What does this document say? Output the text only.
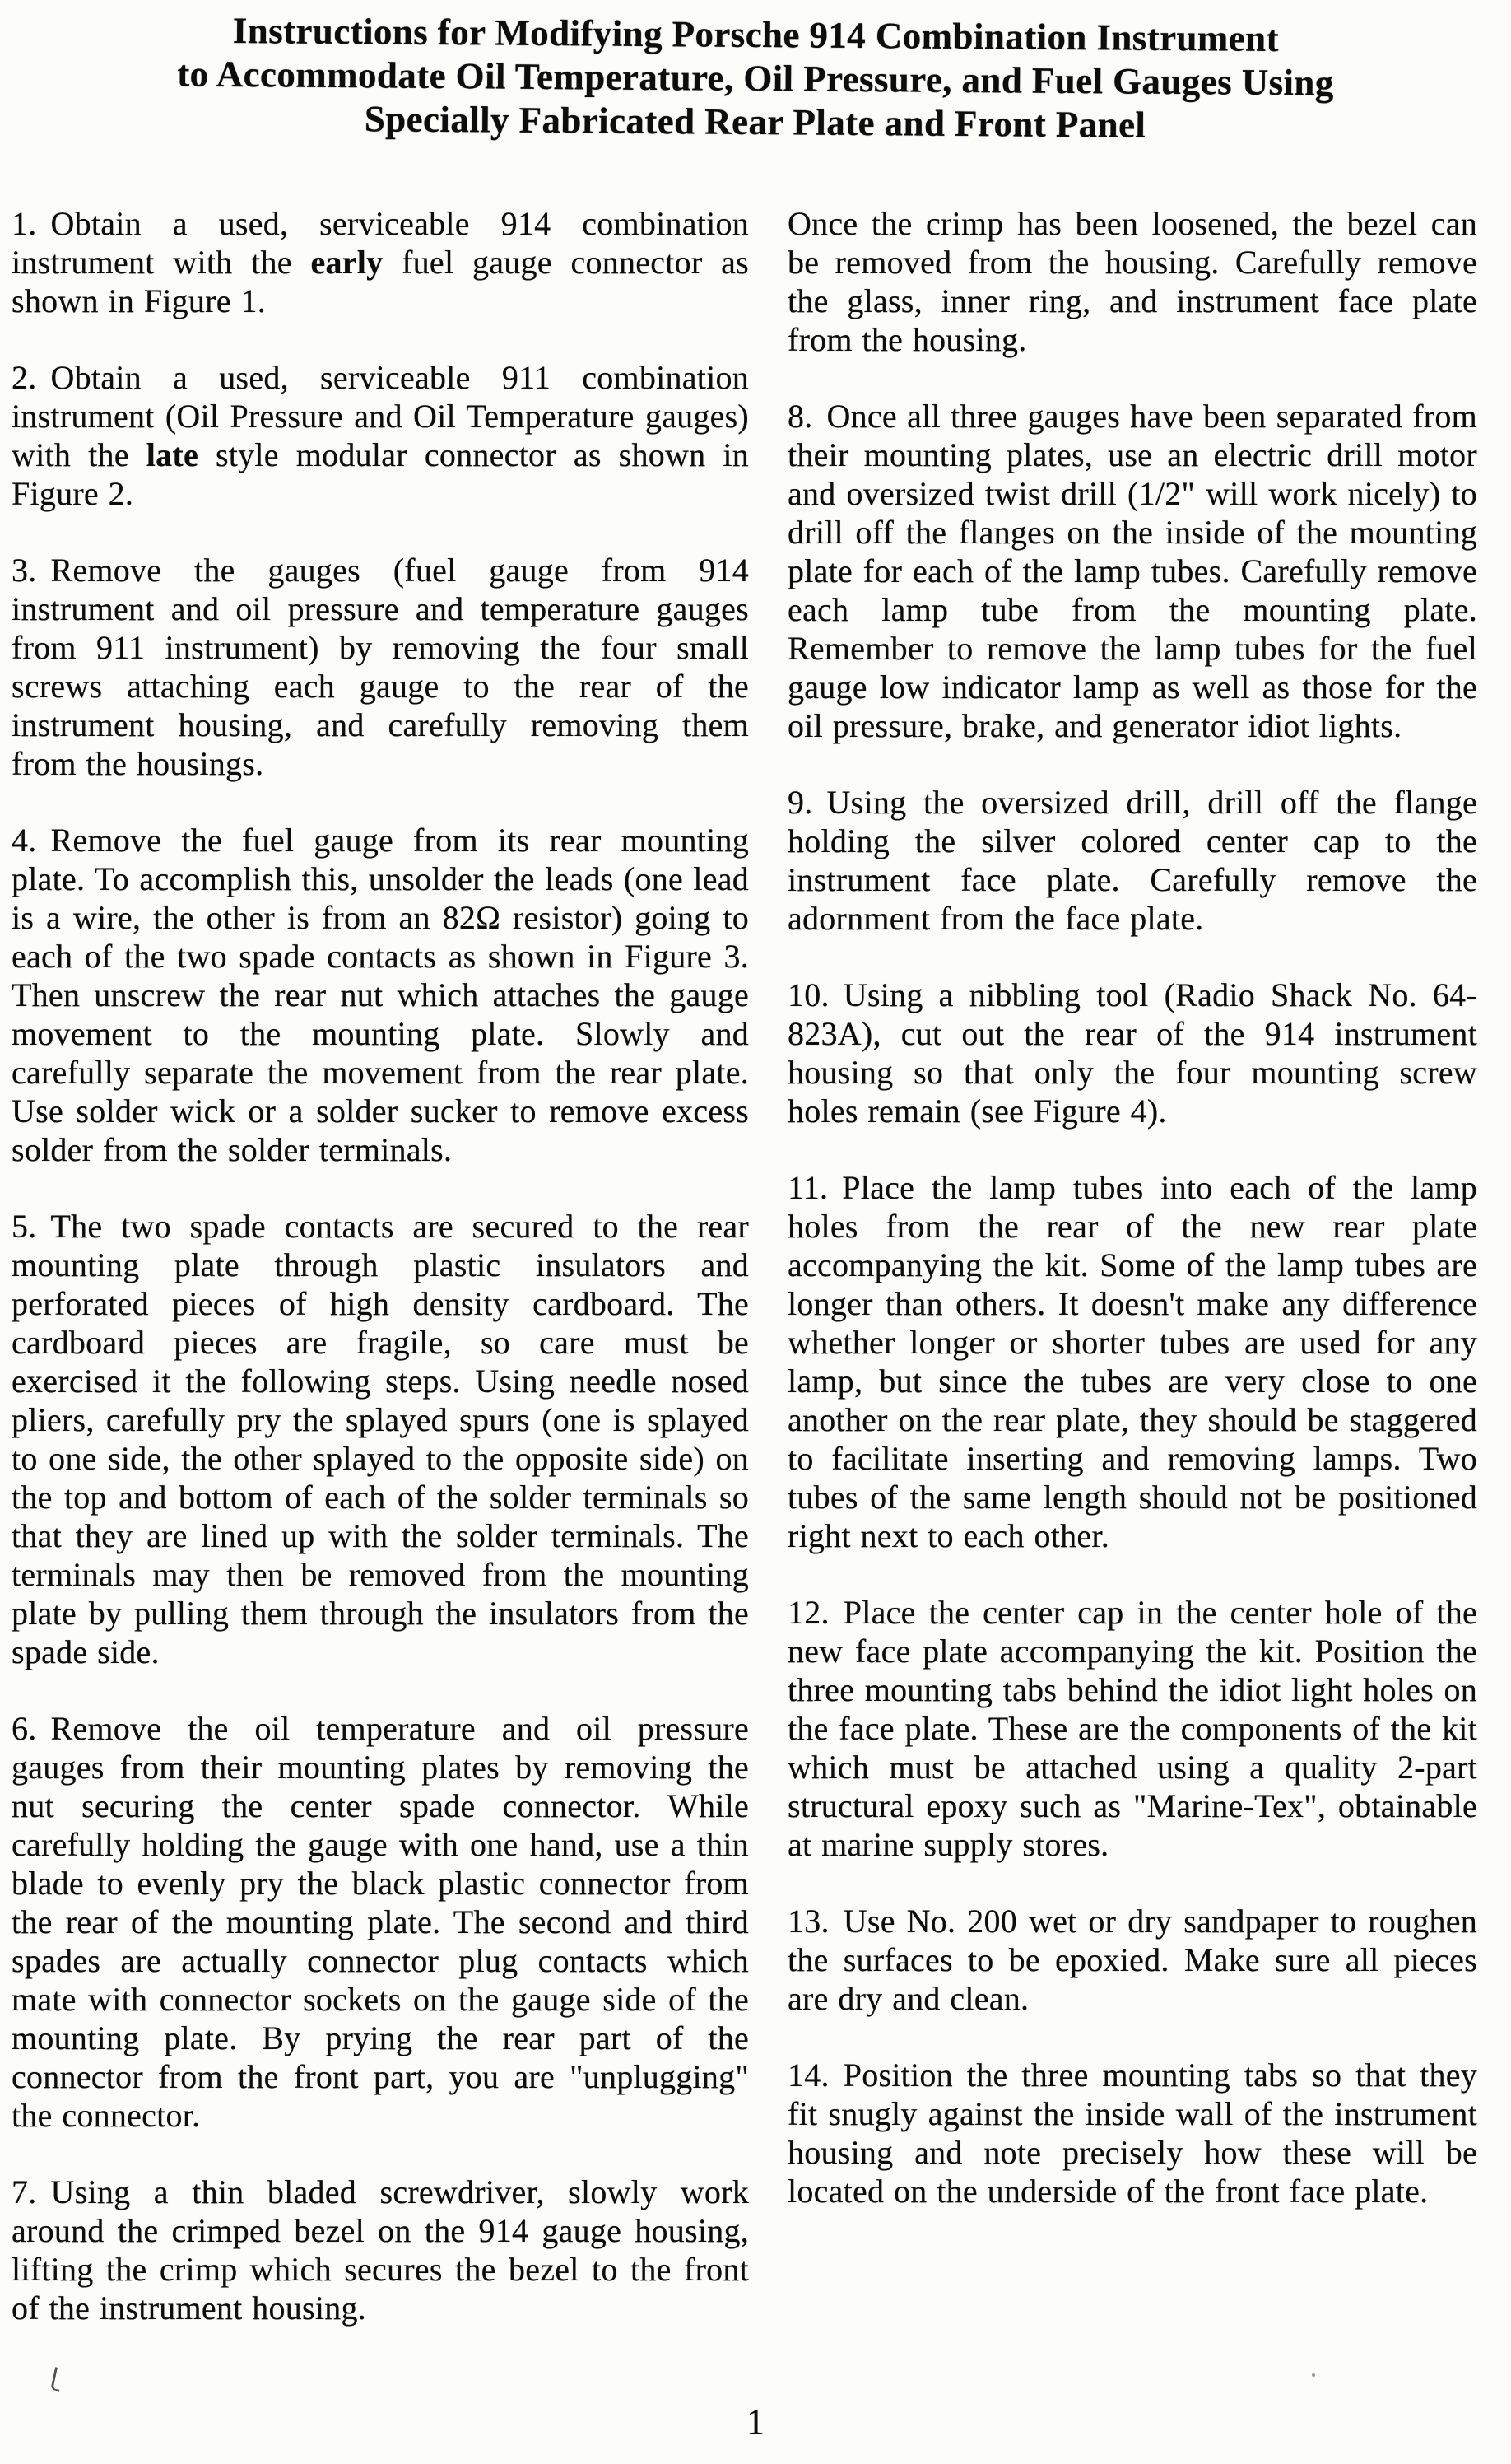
Instructions for Modifying Porsche 914 Combination Instrument
to Accommodate Oil Temperature, Oil Pressure, and Fuel Gauges Using
Specially Fabricated Rear Plate and Front Panel

1. Obtain a used, serviceable 914 combination instrument with the early fuel gauge connector as shown in Figure 1.

2. Obtain a used, serviceable 911 combination instrument (Oil Pressure and Oil Temperature gauges) with the late style modular connector as shown in Figure 2.

3. Remove the gauges (fuel gauge from 914 instrument and oil pressure and temperature gauges from 911 instrument) by removing the four small screws attaching each gauge to the rear of the instrument housing, and carefully removing them from the housings.

4. Remove the fuel gauge from its rear mounting plate. To accomplish this, unsolder the leads (one lead is a wire, the other is from an 82Ω resistor) going to each of the two spade contacts as shown in Figure 3. Then unscrew the rear nut which attaches the gauge movement to the mounting plate. Slowly and carefully separate the movement from the rear plate. Use solder wick or a solder sucker to remove excess solder from the solder terminals.

5. The two spade contacts are secured to the rear mounting plate through plastic insulators and perforated pieces of high density cardboard. The cardboard pieces are fragile, so care must be exercised it the following steps. Using needle nosed pliers, carefully pry the splayed spurs (one is splayed to one side, the other splayed to the opposite side) on the top and bottom of each of the solder terminals so that they are lined up with the solder terminals. The terminals may then be removed from the mounting plate by pulling them through the insulators from the spade side.

6. Remove the oil temperature and oil pressure gauges from their mounting plates by removing the nut securing the center spade connector. While carefully holding the gauge with one hand, use a thin blade to evenly pry the black plastic connector from the rear of the mounting plate. The second and third spades are actually connector plug contacts which mate with connector sockets on the gauge side of the mounting plate. By prying the rear part of the connector from the front part, you are "unplugging" the connector.

7. Using a thin bladed screwdriver, slowly work around the crimped bezel on the 914 gauge housing, lifting the crimp which secures the bezel to the front of the instrument housing.

Once the crimp has been loosened, the bezel can be removed from the housing. Carefully remove the glass, inner ring, and instrument face plate from the housing.

8. Once all three gauges have been separated from their mounting plates, use an electric drill motor and oversized twist drill (1/2" will work nicely) to drill off the flanges on the inside of the mounting plate for each of the lamp tubes. Carefully remove each lamp tube from the mounting plate. Remember to remove the lamp tubes for the fuel gauge low indicator lamp as well as those for the oil pressure, brake, and generator idiot lights.

9. Using the oversized drill, drill off the flange holding the silver colored center cap to the instrument face plate. Carefully remove the adornment from the face plate.

10. Using a nibbling tool (Radio Shack No. 64-823A), cut out the rear of the 914 instrument housing so that only the four mounting screw holes remain (see Figure 4).

11. Place the lamp tubes into each of the lamp holes from the rear of the new rear plate accompanying the kit. Some of the lamp tubes are longer than others. It doesn't make any difference whether longer or shorter tubes are used for any lamp, but since the tubes are very close to one another on the rear plate, they should be staggered to facilitate inserting and removing lamps. Two tubes of the same length should not be positioned right next to each other.

12. Place the center cap in the center hole of the new face plate accompanying the kit. Position the three mounting tabs behind the idiot light holes on the face plate. These are the components of the kit which must be attached using a quality 2-part structural epoxy such as "Marine-Tex", obtainable at marine supply stores.

13. Use No. 200 wet or dry sandpaper to roughen the surfaces to be epoxied. Make sure all pieces are dry and clean.

14. Position the three mounting tabs so that they fit snugly against the inside wall of the instrument housing and note precisely how these will be located on the underside of the front face plate.

1
